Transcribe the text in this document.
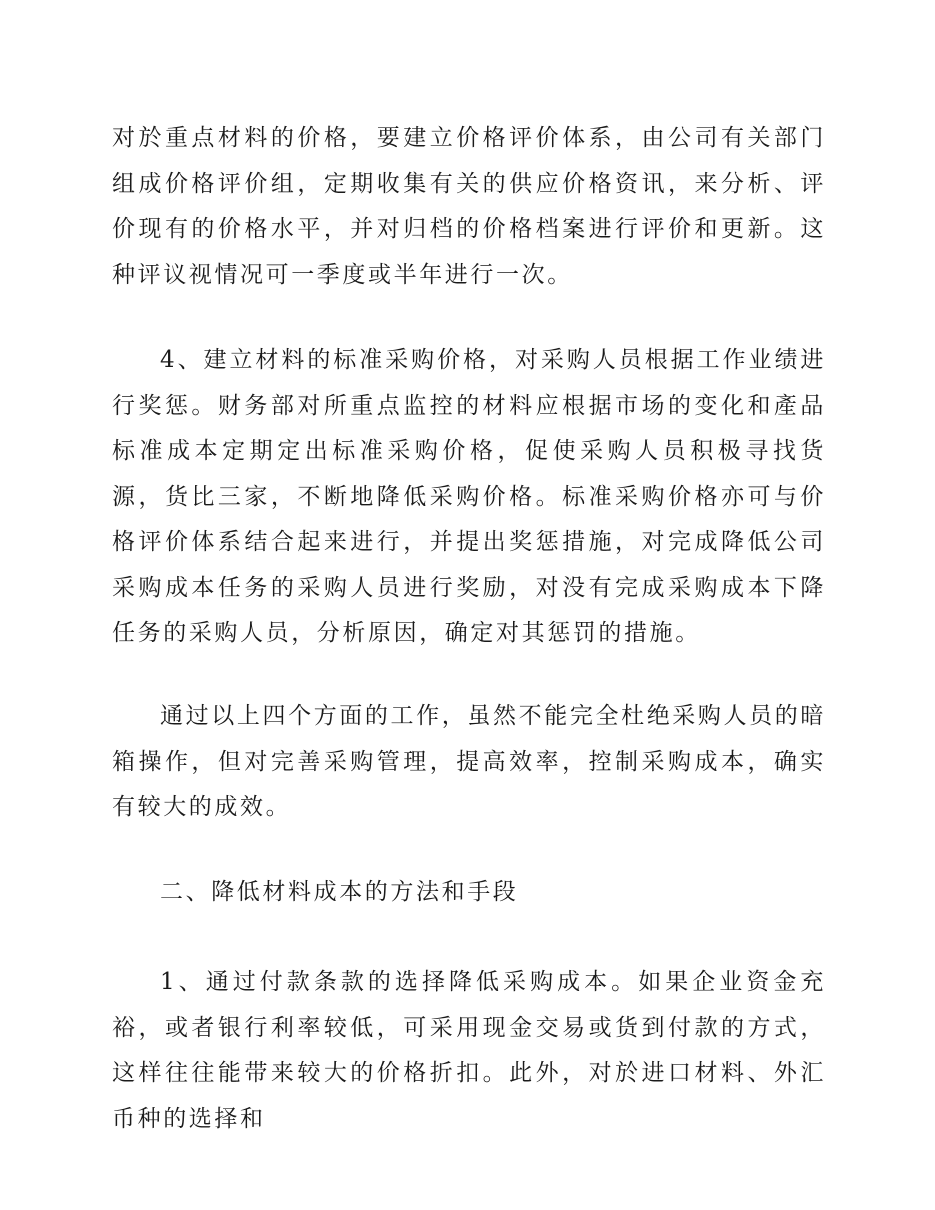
对於重点材料的价格，要建立价格评价体系，由公司有关部门组成价格评价组，定期收集有关的供应价格资讯，来分析、评价现有的价格水平，并对归档的价格档案进行评价和更新。这种评议视情况可一季度或半年进行一次。

4、建立材料的标准采购价格，对采购人员根据工作业绩进行奖惩。财务部对所重点监控的材料应根据市场的变化和產品标准成本定期定出标准采购价格，促使采购人员积极寻找货源，货比三家，不断地降低采购价格。标准采购价格亦可与价格评价体系结合起来进行，并提出奖惩措施，对完成降低公司采购成本任务的采购人员进行奖励，对没有完成采购成本下降任务的采购人员，分析原因，确定对其惩罚的措施。

通过以上四个方面的工作，虽然不能完全杜绝采购人员的暗箱操作，但对完善采购管理，提高效率，控制采购成本，确实有较大的成效。

二、降低材料成本的方法和手段

1、通过付款条款的选择降低采购成本。如果企业资金充裕，或者银行利率较低，可采用现金交易或货到付款的方式，这样往往能带来较大的价格折扣。此外，对於进口材料、外汇币种的选择和
